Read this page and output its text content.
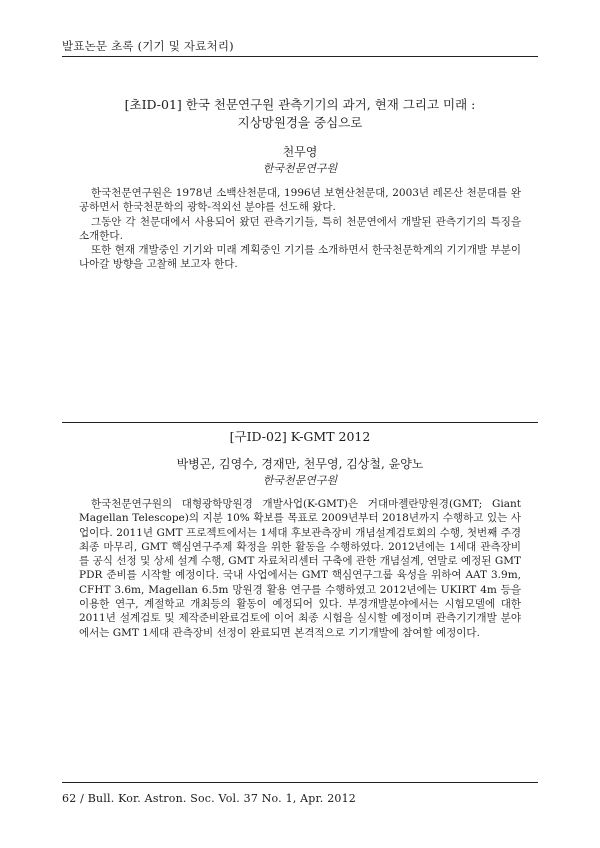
발표논문 초록 (기기 및 자료처리)
[초ID-01] 한국 천문연구원 관측기기의 과거, 현재 그리고 미래 :
지상망원경을 중심으로
천무영
한국천문연구원

한국천문연구원은 1978년 소백산천문대, 1996년 보현산천문대, 2003년 레몬산 천문대를 완공하면서 한국천문학의 광학-적외선 분야를 선도해 왔다.

그동안 각 천문대에서 사용되어 왔던 관측기기들, 특히 천문연에서 개발된 관측기기의 특징을 소개한다.

또한 현재 개발중인 기기와 미래 계획중인 기기를 소개하면서 한국천문학계의 기기개발 부분이 나아갈 방향을 고찰해 보고자 한다.

[구ID-02] K-GMT 2012
박병곤, 김영수, 경재만, 천무영, 김상철, 윤양노
한국천문연구원

한국천문연구원의 대형광학망원경 개발사업(K-GMT)은 거대마젤란망원경(GMT; Giant Magellan Telescope)의 지분 10% 확보를 목표로 2009년부터 2018년까지 수행하고 있는 사업이다. 2011년 GMT 프로젝트에서는 1세대 후보관측장비 개념설계검토회의 수행, 첫번째 주경 최종 마무리, GMT 핵심연구주제 확정을 위한 활동을 수행하였다. 2012년에는 1세대 관측장비를 공식 선정 및 상세 설계 수행, GMT 자료처리센터 구축에 관한 개념설계, 연말로 예정된 GMT PDR 준비를 시작할 예정이다. 국내 사업에서는 GMT 핵심연구그룹 육성을 위하여 AAT 3.9m, CFHT 3.6m, Magellan 6.5m 망원경 활용 연구를 수행하였고 2012년에는 UKIRT 4m 등을 이용한 연구, 계절학교 개최등의 활동이 예정되어 있다. 부경개발분야에서는 시험모델에 대한 2011년 설계검토 및 제작준비완료검토에 이어 최종 시험을 실시할 예정이며 관측기기개발 분야에서는 GMT 1세대 관측장비 선정이 완료되면 본격적으로 기기개발에 참여할 예정이다.

62 / Bull. Kor. Astron. Soc. Vol. 37 No. 1, Apr. 2012
